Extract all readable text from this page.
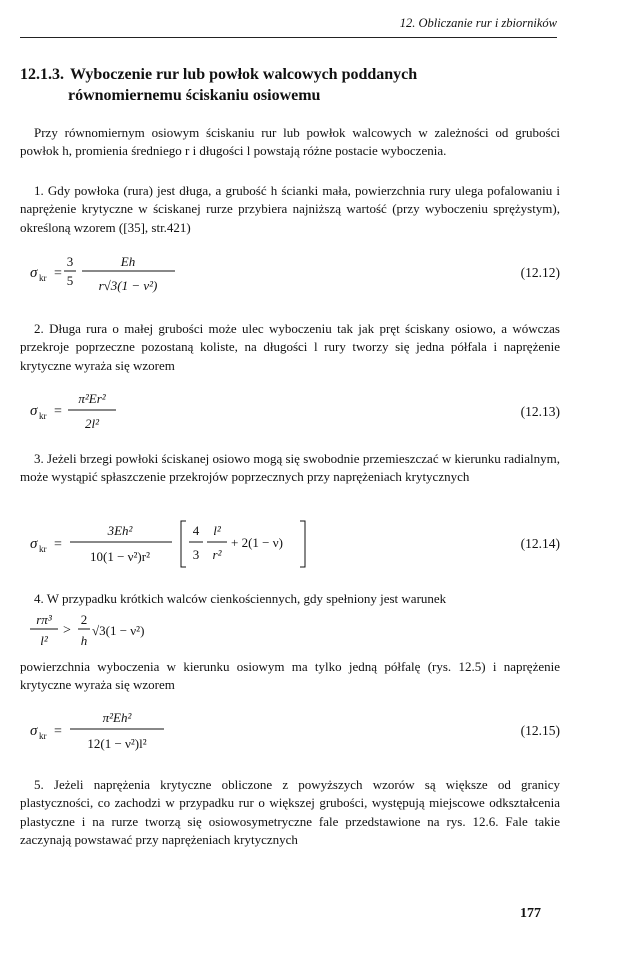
12. Obliczanie rur i zbiorników
12.1.3. Wyboczenie rur lub powłok walcowych poddanych
równomiernemu ściskaniu osiowemu

Przy równomiernym osiowym ściskaniu rur lub powłok walcowych w zależności od grubości powłok h, promienia średniego r i długości l powstają różne postacie wyboczenia.

1. Gdy powłoka (rura) jest długa, a grubość h ścianki mała, powierzchnia rury ulega pofalowaniu i naprężenie krytyczne w ściskanej rurze przybiera najniższą wartość (przy wyboczeniu sprężystym), określoną wzorem ([35], str.421)

σ kr =
3
5
Eh
r√3(1 − ν²)
(12.12)

2. Długa rura o małej grubości może ulec wyboczeniu tak jak pręt ściskany osiowo, a wówczas przekroje poprzeczne pozostaną koliste, na długości l rury tworzy się jedna półfala i naprężenie krytyczne wyraża się wzorem

σ kr =
π²Er²
2l²
(12.13)

3. Jeżeli brzegi powłoki ściskanej osiowo mogą się swobodnie przemieszczać w kierunku radialnym, może wystąpić spłaszczenie przekrojów poprzecznych przy naprężeniach krytycznych

σ kr =
3Eh²
10(1 − ν²)r²
4
3
l²
r²
+ 2(1 − ν)	(12.14)

4. W przypadku krótkich walców cienkościennych, gdy spełniony jest warunek

rπ³
l²
>
2
h
√3(1 − ν²)

powierzchnia wyboczenia w kierunku osiowym ma tylko jedną półfalę (rys. 12.5) i naprężenie krytyczne wyraża się wzorem

σ kr =
π²Eh²
12(1 − ν²)l²
(12.15)

5. Jeżeli naprężenia krytyczne obliczone z powyższych wzorów są większe od granicy plastyczności, co zachodzi w przypadku rur o większej grubości, występują miejscowe odkształcenia plastyczne i na rurze tworzą się osiowosymetryczne fale przedstawione na rys. 12.6. Fale takie zaczynają powstawać przy naprężeniach krytycznych

177
